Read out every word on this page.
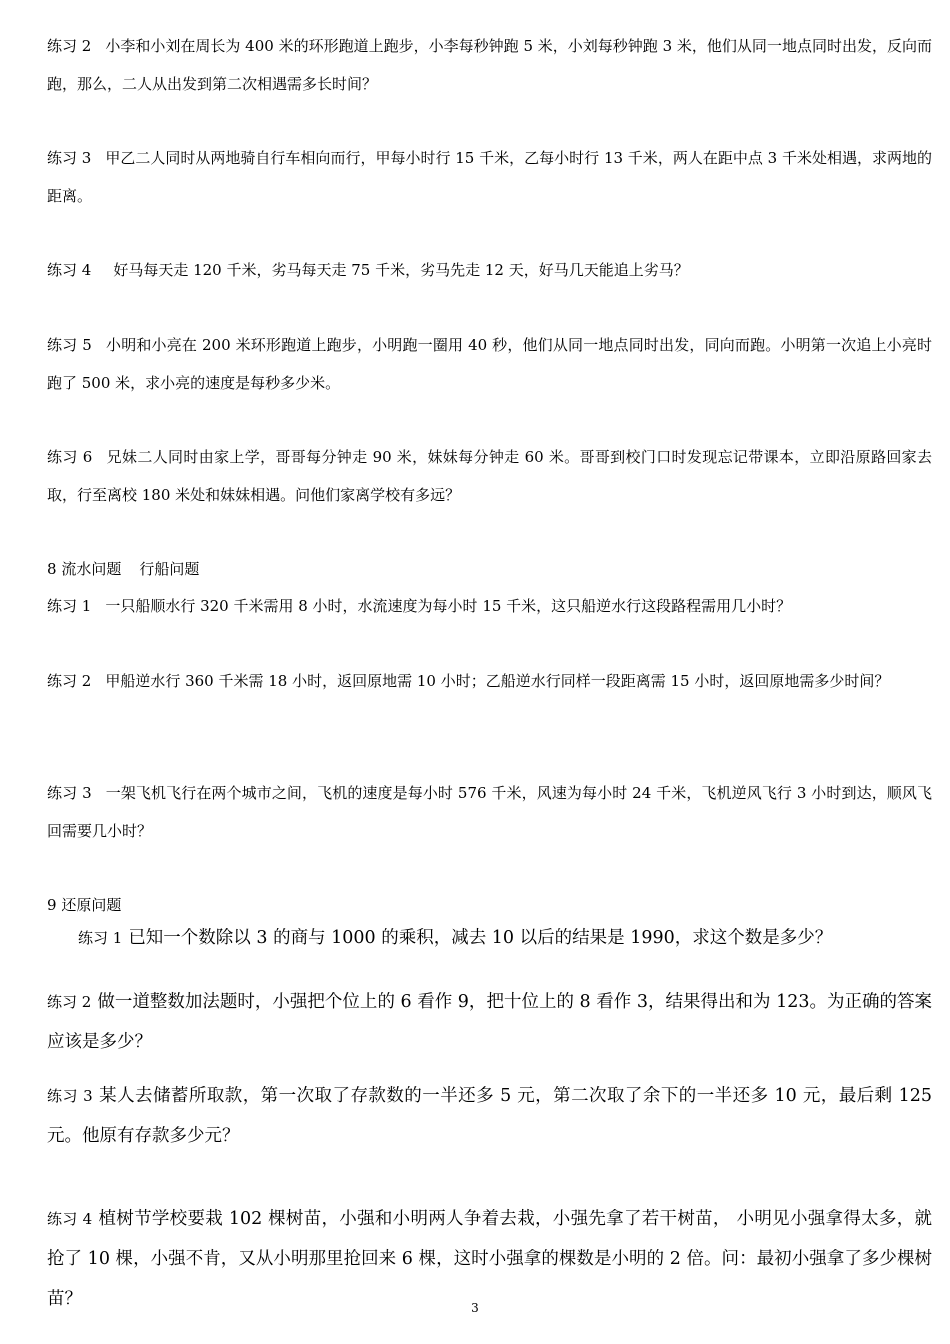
练习 2 小李和小刘在周长为 400 米的环形跑道上跑步，小李每秒钟跑 5 米，小刘每秒钟跑 3 米，他们从同一地点同时出发，反向而跑，那么，二人从出发到第二次相遇需多长时间？
练习 3 甲乙二人同时从两地骑自行车相向而行，甲每小时行 15 千米，乙每小时行 13 千米，两人在距中点 3 千米处相遇，求两地的距离。
练习 4 好马每天走 120 千米，劣马每天走 75 千米，劣马先走 12 天，好马几天能追上劣马？
练习 5 小明和小亮在 200 米环形跑道上跑步，小明跑一圈用 40 秒，他们从同一地点同时出发，同向而跑。小明第一次追上小亮时跑了 500 米，求小亮的速度是每秒多少米。
练习 6 兄妹二人同时由家上学，哥哥每分钟走 90 米，妹妹每分钟走 60 米。哥哥到校门口时发现忘记带课本，立即沿原路回家去取，行至离校 180 米处和妹妹相遇。问他们家离学校有多远？
8 流水问题 行船问题
练习 1 一只船顺水行 320 千米需用 8 小时，水流速度为每小时 15 千米，这只船逆水行这段路程需用几小时？
练习 2 甲船逆水行 360 千米需 18 小时，返回原地需 10 小时；乙船逆水行同样一段距离需 15 小时，返回原地需多少时间？
练习 3 一架飞机飞行在两个城市之间，飞机的速度是每小时 576 千米，风速为每小时 24 千米，飞机逆风飞行 3 小时到达，顺风飞回需要几小时？
9 还原问题
练习 1 已知一个数除以 3 的商与 1000 的乘积，减去 10 以后的结果是 1990，求这个数是多少？
练习 2 做一道整数加法题时，小强把个位上的 6 看作 9，把十位上的 8 看作 3，结果得出和为 123。为正确的答案应该是多少？
练习 3 某人去储蓄所取款，第一次取了存款数的一半还多 5 元，第二次取了余下的一半还多 10 元，最后剩 125 元。他原有存款多少元？
练习 4 植树节学校要栽 102 棵树苗，小强和小明两人争着去栽，小强先拿了若干树苗， 小明见小强拿得太多，就抢了 10 棵，小强不肯，又从小明那里抢回来 6 棵，这时小强拿的棵数是小明的 2 倍。问：最初小强拿了多少棵树苗？	3
